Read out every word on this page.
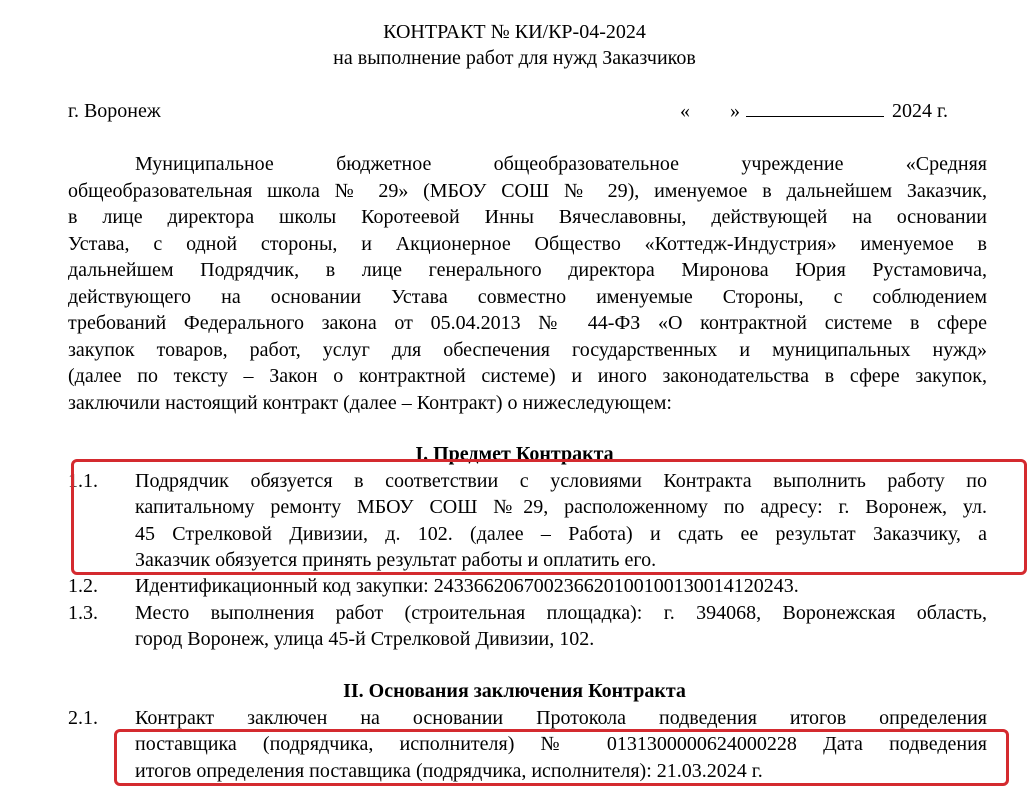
КОНТРАКТ № КИ/КР-04-2024
на выполнение работ для нужд Заказчиков
г. Воронеж	« »	2024 г.
Муниципальное бюджетное общеобразовательное учреждение «Средняя
общеобразовательная школа № 29» (МБОУ СОШ № 29), именуемое в дальнейшем Заказчик,
в лице директора школы Коротеевой Инны Вячеславовны, действующей на основании
Устава, с одной стороны, и Акционерное Общество «Коттедж-Индустрия» именуемое в
дальнейшем Подрядчик, в лице генерального директора Миронова Юрия Рустамовича,
действующего на основании Устава совместно именуемые Стороны, с соблюдением
требований Федерального закона от 05.04.2013 № 44-ФЗ «О контрактной системе в сфере
закупок товаров, работ, услуг для обеспечения государственных и муниципальных нужд»
(далее по тексту – Закон о контрактной системе) и иного законодательства в сфере закупок,
заключили настоящий контракт (далее – Контракт) о нижеследующем:
I. Предмет Контракта
1.1. Подрядчик обязуется в соответствии с условиями Контракта выполнить работу по
капитальному ремонту МБОУ СОШ №29, расположенному по адресу: г. Воронеж, ул.
45 Стрелковой Дивизии, д. 102. (далее – Работа) и сдать ее результат Заказчику, а
Заказчик обязуется принять результат работы и оплатить его.
1.2. Идентификационный код закупки: 243366206700236620100100130014120243.
1.3. Место выполнения работ (строительная площадка): г. 394068, Воронежская область,
город Воронеж, улица 45-й Стрелковой Дивизии, 102.
II. Основания заключения Контракта
2.1. Контракт заключен на основании Протокола подведения итогов определения
поставщика (подрядчика, исполнителя) № 0131300000624000228 Дата подведения
итогов определения поставщика (подрядчика, исполнителя): 21.03.2024 г.
